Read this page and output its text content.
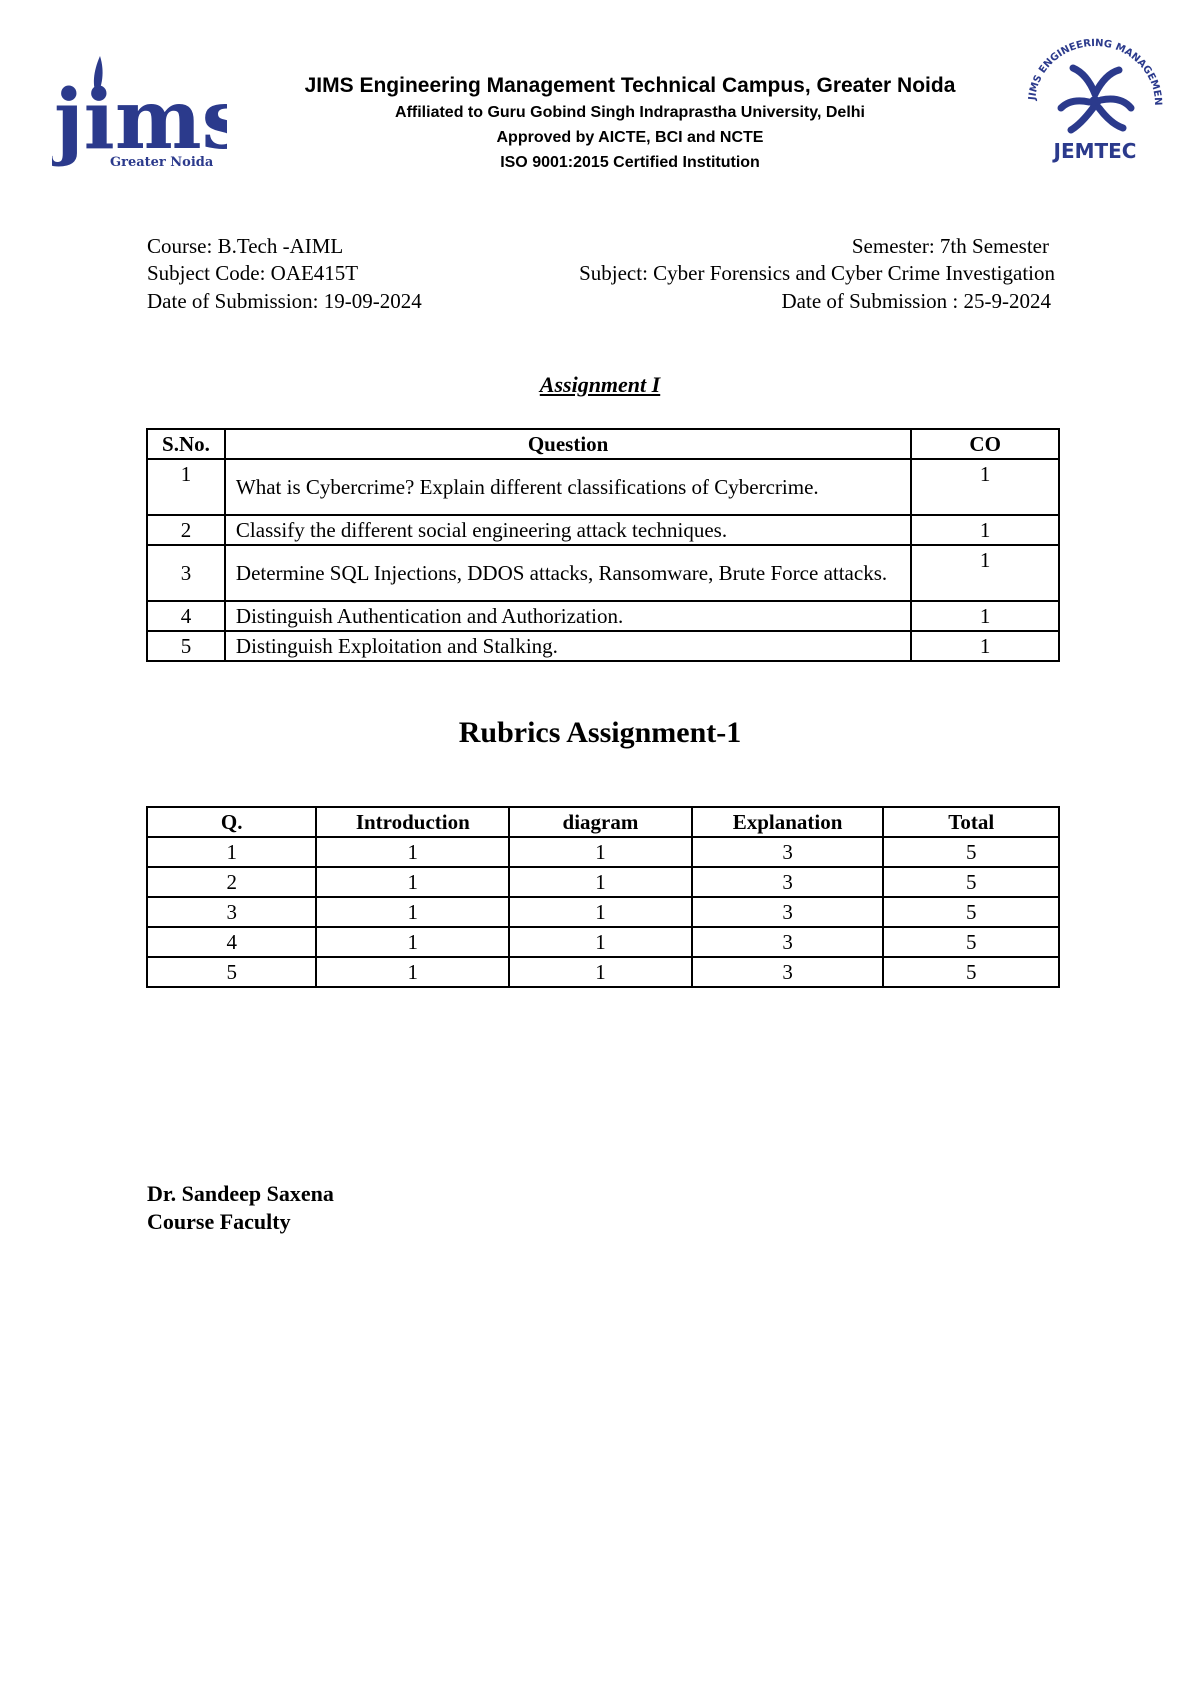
jims
Greater Noida
JIMS ENGINEERING MANAGEMEN
JEMTEC
JIMS Engineering Management Technical Campus, Greater Noida
Affiliated to Guru Gobind Singh Indraprastha University, Delhi
Approved by AICTE, BCI and NCTE
ISO 9001:2015 Certified Institution
Course: B.Tech -AIML	Semester: 7th Semester
Subject Code: OAE415T	Subject: Cyber Forensics and Cyber Crime Investigation
Date of Submission: 19-09-2024	Date of Submission : 25-9-2024
Assignment I
S.No.	Question	CO
1	What is Cybercrime? Explain different classifications of Cybercrime.	1
2	Classify the different social engineering attack techniques.	1
3	Determine SQL Injections, DDOS attacks, Ransomware, Brute Force attacks.	1
4	Distinguish Authentication and Authorization.	1
5	Distinguish Exploitation and Stalking.	1
Rubrics Assignment-1
Q.	Introduction	diagram	Explanation	Total
1	1	1	3	5
2	1	1	3	5
3	1	1	3	5
4	1	1	3	5
5	1	1	3	5
Dr. Sandeep Saxena
Course Faculty
